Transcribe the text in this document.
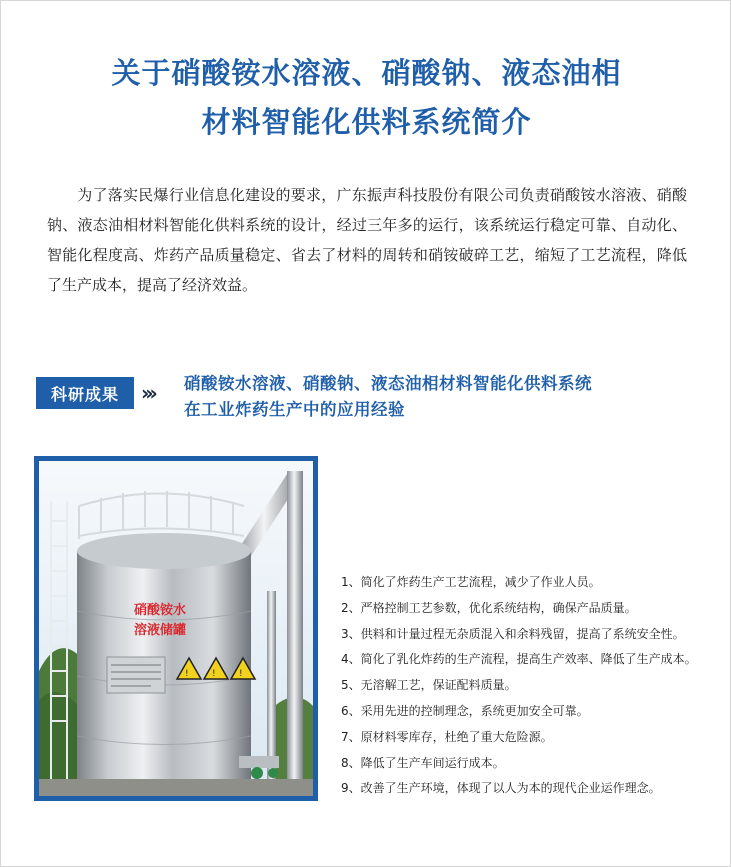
关于硝酸铵水溶液、硝酸钠、液态油相
材料智能化供料系统简介

为了落实民爆行业信息化建设的要求，广东振声科技股份有限公司负责硝酸铵水溶液、硝酸钠、液态油相材料智能化供料系统的设计，经过三年多的运行，该系统运行稳定可靠、自动化、智能化程度高、炸药产品质量稳定、省去了材料的周转和硝铵破碎工艺，缩短了工艺流程，降低了生产成本，提高了经济效益。

科研成果	››› 硝酸铵水溶液、硝酸钠、液态油相材料智能化供料系统
在工业炸药生产中的应用经验
硝酸铵水
溶液储罐
!	!	!
1、简化了炸药生产工艺流程，减少了作业人员。
2、严格控制工艺参数，优化系统结构，确保产品质量。
3、供料和计量过程无杂质混入和余料残留，提高了系统安全性。
4、简化了乳化炸药的生产流程，提高生产效率、降低了生产成本。
5、无溶解工艺，保证配料质量。
6、采用先进的控制理念，系统更加安全可靠。
7、原材料零库存，杜绝了重大危险源。
8、降低了生产车间运行成本。
9、改善了生产环境，体现了以人为本的现代企业运作理念。
